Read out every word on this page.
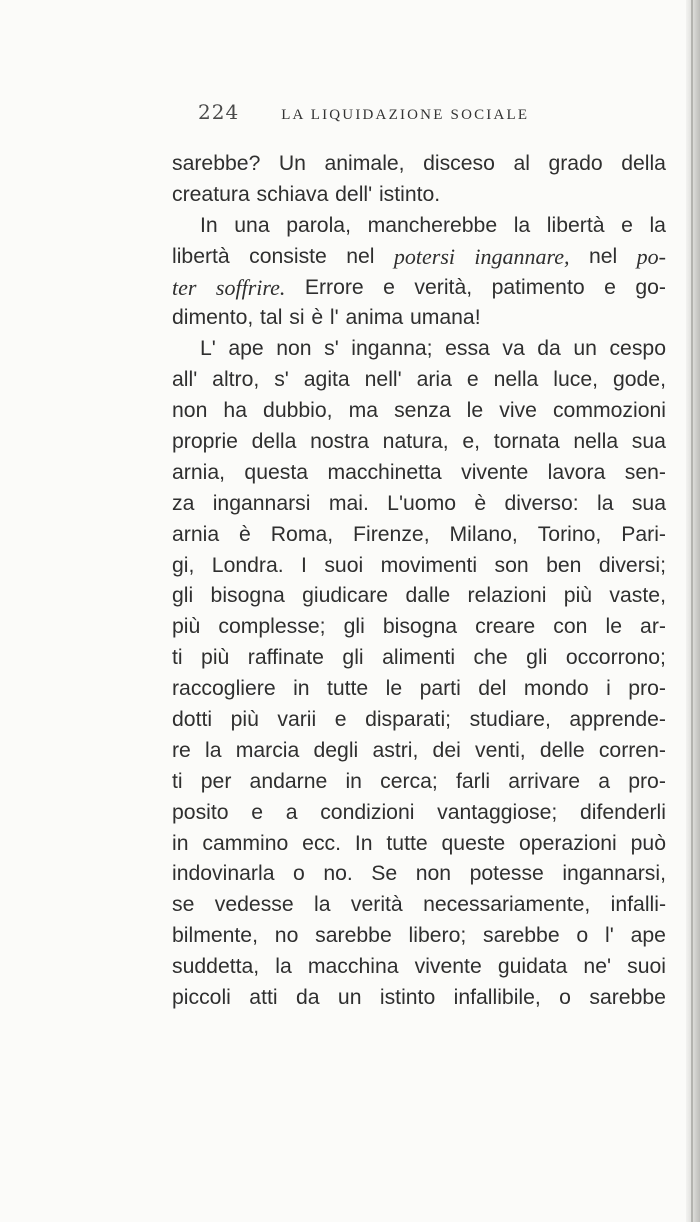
224	LA LIQUIDAZIONE SOCIALE
sarebbe? Un animale, disceso al grado della
creatura schiava dell' istinto.
In una parola, mancherebbe la libertà e la
libertà consiste nel potersi ingannare, nel po-
ter soffrire. Errore e verità, patimento e go-
dimento, tal si è l' anima umana!
L' ape non s' inganna; essa va da un cespo
all' altro, s' agita nell' aria e nella luce, gode,
non ha dubbio, ma senza le vive commozioni
proprie della nostra natura, e, tornata nella sua
arnia, questa macchinetta vivente lavora sen-
za ingannarsi mai. L'uomo è diverso: la sua
arnia è Roma, Firenze, Milano, Torino, Pari-
gi, Londra. I suoi movimenti son ben diversi;
gli bisogna giudicare dalle relazioni più vaste,
più complesse; gli bisogna creare con le ar-
ti più raffinate gli alimenti che gli occorrono;
raccogliere in tutte le parti del mondo i pro-
dotti più varii e disparati; studiare, apprende-
re la marcia degli astri, dei venti, delle corren-
ti per andarne in cerca; farli arrivare a pro-
posito e a condizioni vantaggiose; difenderli
in cammino ecc. In tutte queste operazioni può
indovinarla o no. Se non potesse ingannarsi,
se vedesse la verità necessariamente, infalli-
bilmente, no sarebbe libero; sarebbe o l' ape
suddetta, la macchina vivente guidata ne' suoi
piccoli atti da un istinto infallibile, o sarebbe
